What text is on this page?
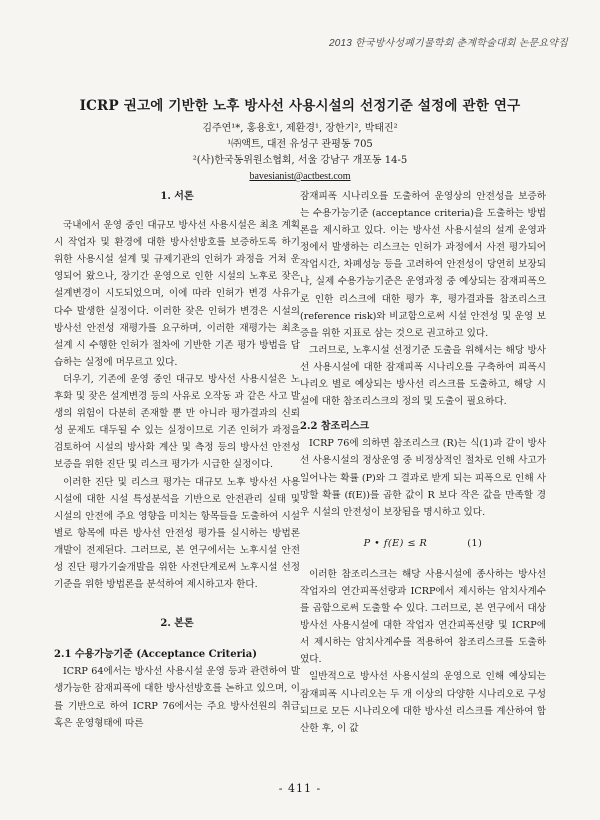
2013 한국방사성폐기물학회 춘계학술대회 논문요약집
ICRP 권고에 기반한 노후 방사선 사용시설의 선정기준 설정에 관한 연구
김주연¹*, 홍용호¹, 제환경¹, 장한기², 박태진²
¹㈜액트, 대전 유성구 관평동 705
²(사)한국동위원소협회, 서울 강남구 개포동 14-5
bavesianist@actbest.com
1. 서론

국내에서 운영 중인 대규모 방사선 사용시설은 최초 계획 시 작업자 및 환경에 대한 방사선방호를 보증하도록 하기 위한 사용시설 설계 및 규제기관의 인허가 과정을 거쳐 운영되어 왔으나, 장기간 운영으로 인한 시설의 노후로 잦은 설계변경이 시도되었으며, 이에 따라 인허가 변경 사유가 다수 발생한 실정이다. 이러한 잦은 인허가 변경은 시설의 방사선 안전성 재평가를 요구하며, 이러한 재평가는 최초 설계 시 수행한 인허가 절차에 기반한 기존 평가 방법을 답습하는 실정에 머무르고 있다.

더우기, 기존에 운영 중인 대규모 방사선 사용시설은 노후화 및 잦은 설계변경 등의 사유로 오작동 과 같은 사고 발생의 위험이 다분히 존재할 뿐 만 아니라 평가결과의 신뢰성 문제도 대두될 수 있는 실정이므로 기존 인허가 과정을 검토하여 시설의 방사화 계산 및 측정 등의 방사선 안전성 보증을 위한 진단 및 리스크 평가가 시급한 실정이다.

이러한 진단 및 리스크 평가는 대규모 노후 방사선 사용시설에 대한 시설 특성분석을 기반으로 안전관리 실태 및 시설의 안전에 주요 영향을 미치는 항목들을 도출하여 시설 별로 항목에 따른 방사선 안전성 평가를 실시하는 방법론 개발이 전제된다. 그러므로, 본 연구에서는 노후시설 안전성 진단 평가기술개발을 위한 사전단계로써 노후시설 선정기준을 위한 방법론을 분석하여 제시하고자 한다.

2. 본론
2.1 수용가능기준 (Acceptance Criteria)

ICRP 64에서는 방사선 사용시설 운영 등과 관련하여 발생가능한 잠재피폭에 대한 방사선방호를 논하고 있으며, 이를 기반으로 하여 ICRP 76에서는 주요 방사선원의 취급 혹은 운영형태에 따른

잠재피폭 시나리오를 도출하여 운영상의 안전성을 보증하는 수용가능기준 (acceptance criteria)을 도출하는 방법론을 제시하고 있다. 이는 방사선 사용시설의 설계 운영과정에서 발생하는 리스크는 인허가 과정에서 사전 평가되어 작업시간, 차폐성능 등을 고려하여 안전성이 당연히 보장되나, 실제 수용가능기준은 운영과정 중 예상되는 잠재피폭으로 인한 리스크에 대한 평가 후, 평가결과를 참조리스크 (reference risk)와 비교함으로써 시설 안전성 및 운영 보증을 위한 지표로 삼는 것으로 권고하고 있다.

그러므로, 노후시설 선정기준 도출을 위해서는 해당 방사선 사용시설에 대한 잠재피폭 시나리오를 구축하여 피폭시나리오 별로 예상되는 방사선 리스크를 도출하고, 해당 시설에 대한 참조리스크의 정의 및 도출이 필요하다.

2.2 참조리스크

ICRP 76에 의하면 참조리스크 (R)는 식(1)과 같이 방사선 사용시설의 정상운영 중 비정상적인 절차로 인해 사고가 일어나는 확률 (P)와 그 결과로 받게 되는 피폭으로 인해 사망할 확률 (f(E))를 곱한 값이 R 보다 작은 값을 만족할 경우 시설의 안전성이 보장됨을 명시하고 있다.

P • f(E) ≤ R	(1)

이러한 참조리스크는 해당 사용시설에 종사하는 방사선작업자의 연간피폭선량과 ICRP에서 제시하는 암치사계수를 곱함으로써 도출할 수 있다. 그러므로, 본 연구에서 대상 방사선 사용시설에 대한 작업자 연간피폭선량 및 ICRP에서 제시하는 암치사계수를 적용하여 참조리스크를 도출하였다.

일반적으로 방사선 사용시설의 운영으로 인해 예상되는 잠재피폭 시나리오는 두 개 이상의 다양한 시나리오로 구성 되므로 모든 시나리오에 대한 방사선 리스크를 계산하여 합산한 후, 이 값

- 411 -
